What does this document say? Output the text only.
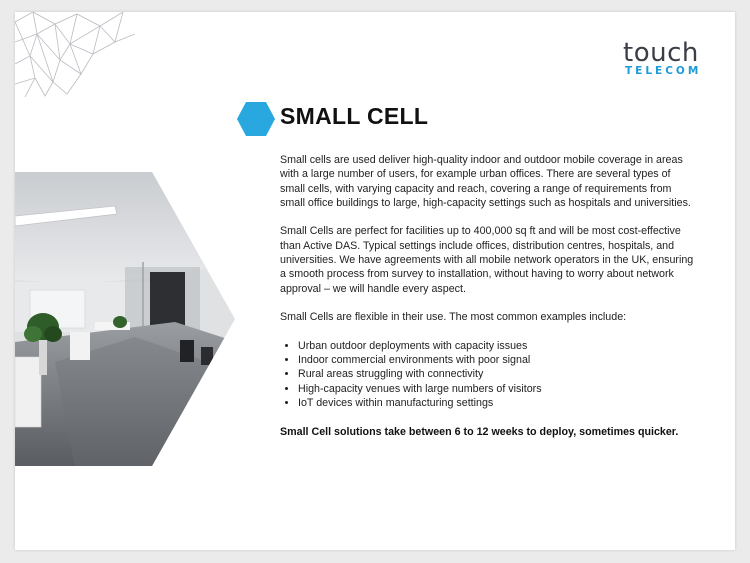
touch
TELECOM
SMALL CELL

Small cells are used deliver high-quality indoor and outdoor mobile coverage in areas with a large number of users, for example urban offices. There are several types of small cells, with varying capacity and reach, covering a range of requirements from small office buildings to large, high-capacity settings such as hospitals and universities.

Small Cells are perfect for facilities up to 400,000 sq ft and will be most cost-effective than Active DAS. Typical settings include offices, distribution centres, hospitals, and universities. We have agreements with all mobile network operators in the UK, ensuring a smooth process from survey to installation, without having to worry about network approval – we will handle every aspect.

Small Cells are flexible in their use. The most common examples include:

• Urban outdoor deployments with capacity issues
• Indoor commercial environments with poor signal
• Rural areas struggling with connectivity
• High-capacity venues with large numbers of visitors
• IoT devices within manufacturing settings

Small Cell solutions take between 6 to 12 weeks to deploy, sometimes quicker.
